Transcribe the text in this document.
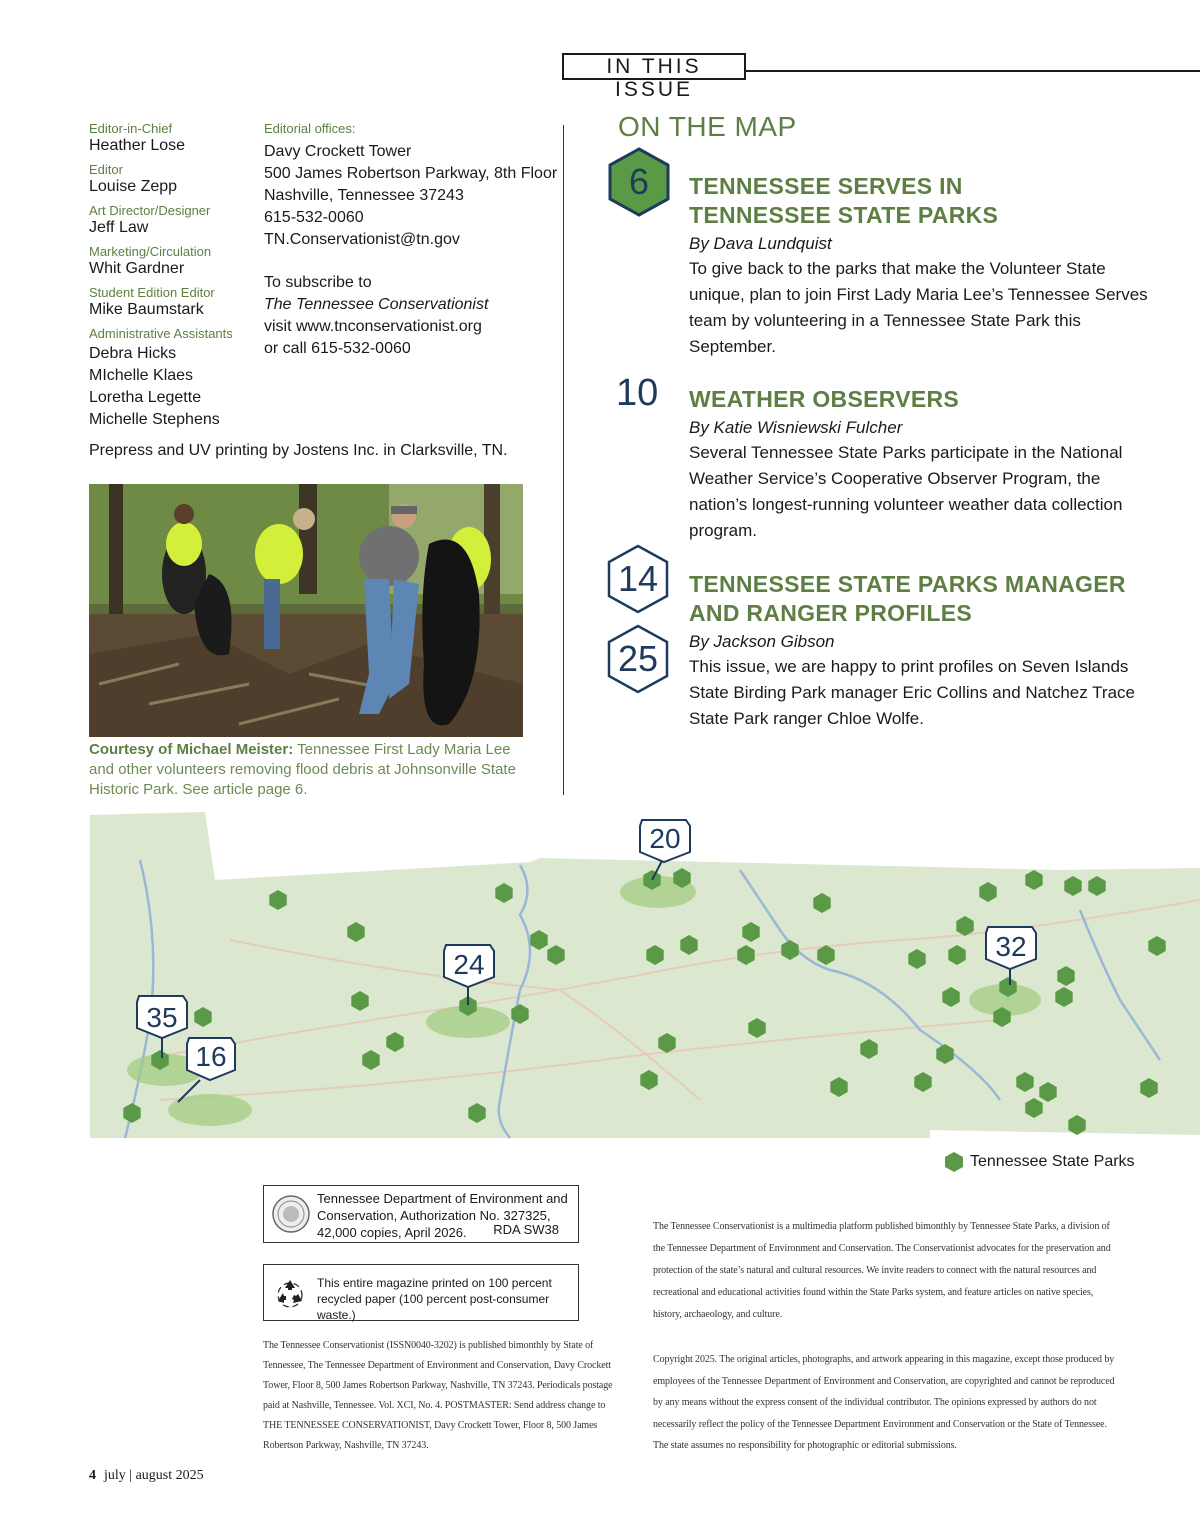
IN THIS ISSUE
Editor-in-Chief
Heather Lose
Editor
Louise Zepp
Art Director/Designer
Jeff Law
Marketing/Circulation
Whit Gardner
Student Edition Editor
Mike Baumstark
Administrative Assistants
Debra Hicks
MIchelle Klaes
Loretha Legette
Michelle Stephens
Editorial offices:
Davy Crockett Tower
500 James Robertson Parkway, 8th Floor
Nashville, Tennessee 37243
615-532-0060
TN.Conservationist@tn.gov
To subscribe to
The Tennessee Conservationist
visit www.tnconservationist.org
or call 615-532-0060
Prepress and UV printing by Jostens Inc. in Clarksville, TN.
Courtesy of Michael Meister: Tennessee First Lady Maria Lee and other volunteers removing flood debris at Johnsonville State Historic Park. See article page 6.
ON THE MAP
6 TENNESSEE SERVES IN TENNESSEE STATE PARKS
By Dava Lundquist
To give back to the parks that make the Volunteer State unique, plan to join First Lady Maria Lee’s Tennessee Serves team by volunteering in a Tennessee State Park this September.
10 WEATHER OBSERVERS
By Katie Wisniewski Fulcher
Several Tennessee State Parks participate in the National Weather Service’s Cooperative Observer Program, the nation’s longest-running volunteer weather data collection program.
14
25
TENNESSEE STATE PARKS MANAGER AND RANGER PROFILES
By Jackson Gibson
This issue, we are happy to print profiles on Seven Islands State Birding Park manager Eric Collins and Natchez Trace State Park ranger Chloe Wolfe.
20
24
32
35
16
Tennessee State Parks
Tennessee Department of Environment and Conservation, Authorization No. 327325, 42,000 copies, April 2026. RDA SW38
This entire magazine printed on 100 percent recycled paper (100 percent post-consumer waste.)
The Tennessee Conservationist (ISSN0040-3202) is published bimonthly by State of Tennessee, The Tennessee Department of Environment and Conservation, Davy Crockett Tower, Floor 8, 500 James Robertson Parkway, Nashville, TN 37243. Periodicals postage paid at Nashville, Tennessee. Vol. XCI, No. 4. POSTMASTER: Send address change to THE TENNESSEE CONSERVATIONIST, Davy Crockett Tower, Floor 8, 500 James Robertson Parkway, Nashville, TN 37243.
The Tennessee Conservationist is a multimedia platform published bimonthly by Tennessee State Parks, a division of the Tennessee Department of Environment and Conservation. The Conservationist advocates for the preservation and protection of the state’s natural and cultural resources. We invite readers to connect with the natural resources and recreational and educational activities found within the State Parks system, and feature articles on native species, history, archaeology, and culture.
Copyright 2025. The original articles, photographs, and artwork appearing in this magazine, except those produced by employees of the Tennessee Department of Environment and Conservation, are copyrighted and cannot be reproduced by any means without the express consent of the individual contributor. The opinions expressed by authors do not necessarily reflect the policy of the Tennessee Department Environment and Conservation or the State of Tennessee. The state assumes no responsibility for photographic or editorial submissions.
4 july | august 2025
